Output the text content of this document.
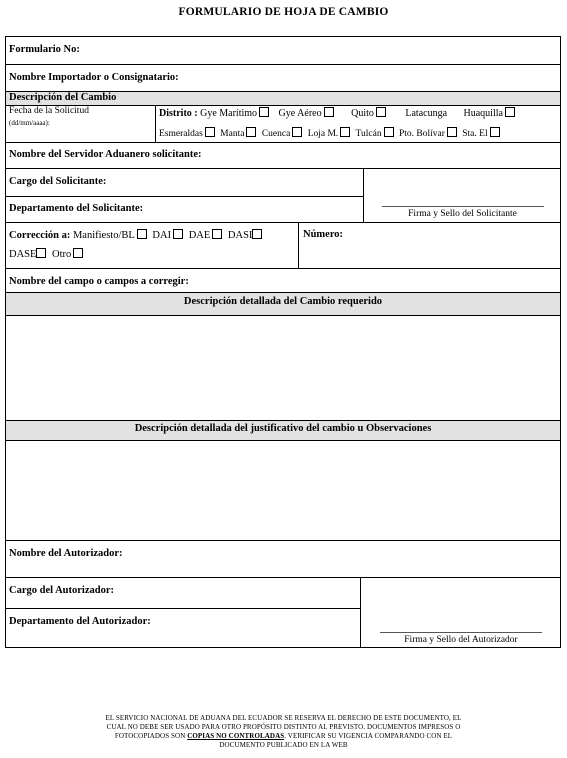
FORMULARIO DE HOJA DE CAMBIO
Formulario No:
Nombre Importador o Consignatario:
Descripción del Cambio
Fecha de la Solicitud
(dd/mm/aaaa):
Distrito : Gye Marítimo Gye Aéreo	Quito	Latacunga Huaquilla
Esmeraldas Manta Cuenca Loja M. Tulcán Pto. Bolívar Sta. El
Nombre del Servidor Aduanero solicitante:
Cargo del Solicitante:
Departamento del Solicitante:	Firma y Sello del Solicitante
Corrección a: Manifiesto/BL DAI DAE DASI
DASE Otro
Número:
Nombre del campo o campos a corregir:
Descripción detallada del Cambio requerido
Descripción detallada del justificativo del cambio u Observaciones
Nombre del Autorizador:
Cargo del Autorizador:
Departamento del Autorizador:
Firma y Sello del Autorizador
EL SERVICIO NACIONAL DE ADUANA DEL ECUADOR SE RESERVA EL DERECHO DE ESTE DOCUMENTO, EL
CUAL NO DEBE SER USADO PARA OTRO PROPÓSITO DISTINTO AL PREVISTO. DOCUMENTOS IMPRESOS O
FOTOCOPIADOS SON COPIAS NO CONTROLADAS. VERIFICAR SU VIGENCIA COMPARANDO CON EL
DOCUMENTO PUBLICADO EN LA WEB
